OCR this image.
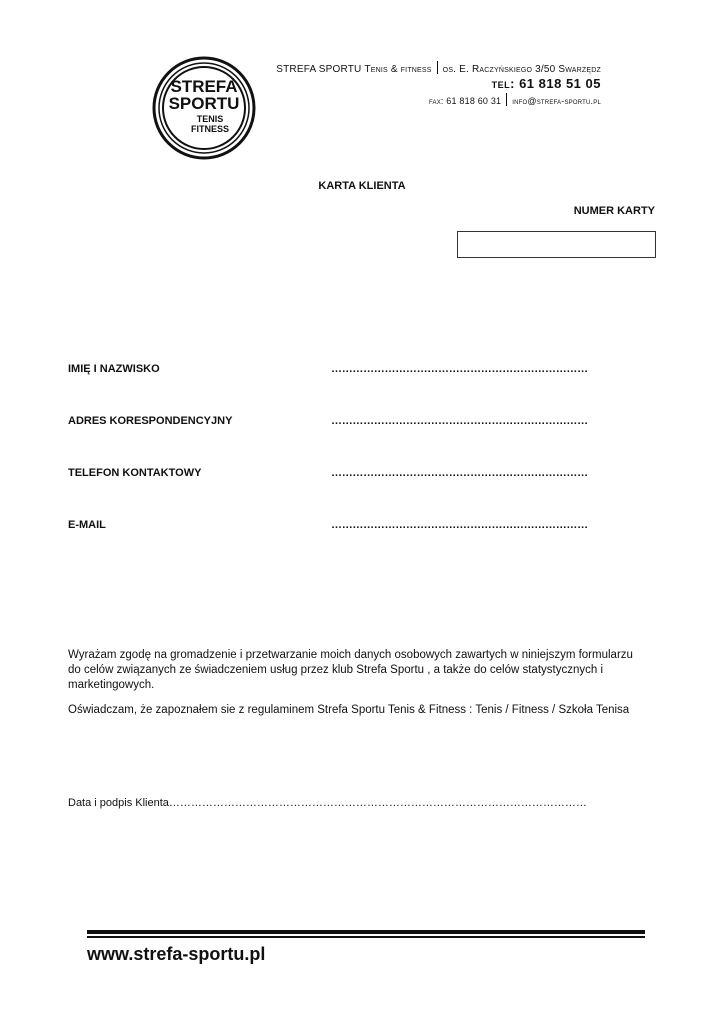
STREFA
SPORTU
TENIS
FITNESS
STREFA SPORTU Tenis & fitness os. E. Raczyńskiego 3/50 Swarzędz
tel: 61 818 51 05
fax: 61 818 60 31 info@strefa-sportu.pl
KARTA KLIENTA
NUMER KARTY
IMIĘ I NAZWISKO	………………………………………………………………
ADRES KORESPONDENCYJNY	………………………………………………………………
TELEFON KONTAKTOWY	………………………………………………………………
E-MAIL	………………………………………………………………
Wyrażam zgodę na gromadzenie i przetwarzanie moich danych osobowych zawartych w niniejszym formularzu do celów związanych ze świadczeniem usług przez klub Strefa Sportu , a także do celów statystycznych i marketingowych.
Oświadczam, że zapoznałem sie z regulaminem Strefa Sportu Tenis & Fitness : Tenis / Fitness / Szkoła Tenisa
Data i podpis Klienta……………………………………………………………………………………………………
www.strefa-sportu.pl
